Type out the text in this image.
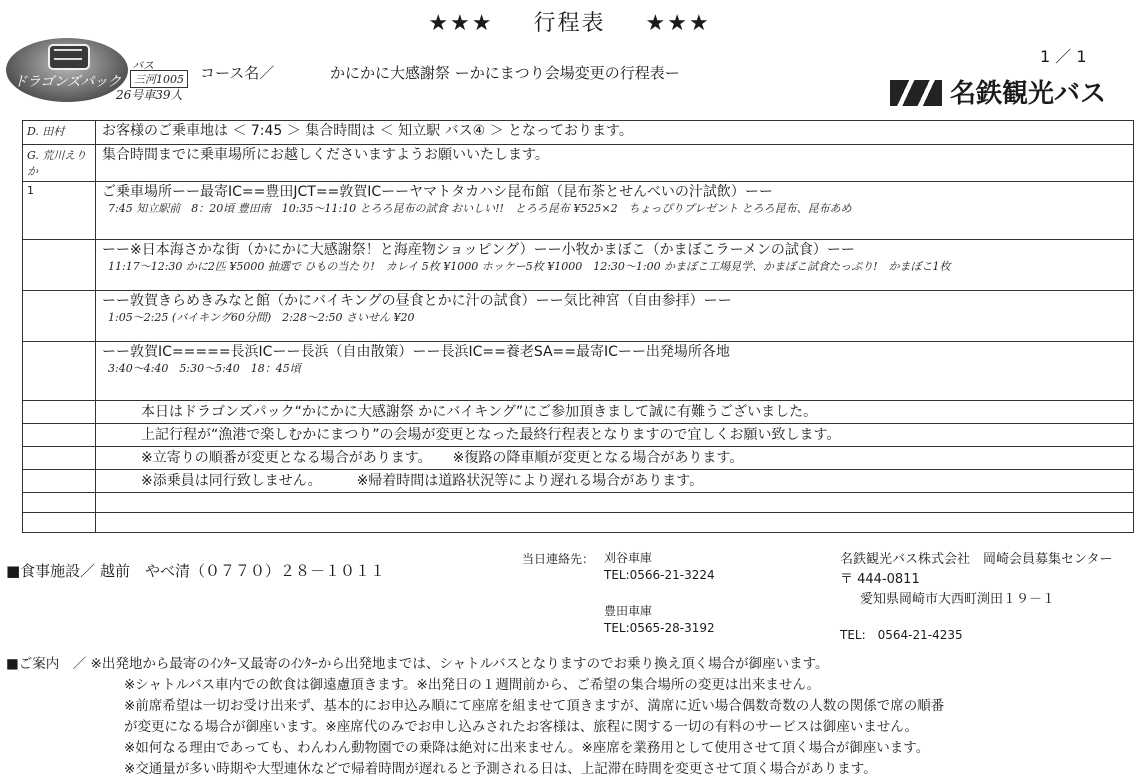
★★★ 行程表 ★★★
1 ／ 1
ドラゴンズパック
バス
三河1005
26号車39人
コース名／	かにかに大感謝祭 ーかにまつり会場変更の行程表ー
名鉄観光バス
D. 田村	お客様のご乗車地は ＜ 7:45 ＞ 集合時間は ＜ 知立駅 バス④ ＞ となっております。
G. 荒川えりか	集合時間までに乗車場所にお越しくださいますようお願いいたします。
1	ご乗車場所ーー最寄IC==豊田JCT==敦賀ICーーヤマトタカハシ昆布館（昆布茶とせんべいの汁試飲）ーー
7:45 知立駅前　8：20頃 豊田南　10:35〜11:10 とろろ昆布の試食 おいしい!!　とろろ昆布 ¥525×2　ちょっぴりプレゼント とろろ昆布、昆布あめ

	ーー※日本海さかな街（かにかに大感謝祭！と海産物ショッピング）ーー小牧かまぼこ（かまぼこラーメンの試食）ーー
11:17〜12:30 かに2匹 ¥5000 抽選で ひもの当たり!　カレイ 5枚 ¥1000 ホッケー5枚 ¥1000　12:30〜1:00 かまぼこ工場見学、かまぼこ試食たっぷり!　かまぼこ1枚

	ーー敦賀きらめきみなと館（かにバイキングの昼食とかに汁の試食）ーー気比神宮（自由参拝）ーー
1:05〜2:25 (バイキング60分間)　2:28〜2:50 さいせん ¥20

	ーー敦賀IC=====長浜ICーー長浜（自由散策）ーー長浜IC==養老SA==最寄ICーー出発場所各地
3:40〜4:40　5:30〜5:40　18：45頃

	本日はドラゴンズパック“かにかに大感謝祭 かにバイキング”にご参加頂きまして誠に有難うございました。
	上記行程が“漁港で楽しむかにまつり”の会場が変更となった最終行程表となりますので宜しくお願い致します。
	※立寄りの順番が変更となる場合があります。　　※復路の降車順が変更となる場合があります。
	※添乗員は同行致しません。　　　※帰着時間は道路状況等により遅れる場合があります。

■食事施設／ 越前　やべ清（０７７０）２８－１０１１
当日連絡先： 刈谷車庫
TEL:0566-21-3224
豊田車庫
TEL:0565-28-3192
名鉄観光バス株式会社　岡崎会員募集センター
〒 444-0811
愛知県岡崎市大西町渕田１９－１
TEL:　0564-21-4235
■ご案内　／ ※出発地から最寄のｲﾝﾀｰ又最寄のｲﾝﾀｰから出発地までは、シャトルバスとなりますのでお乗り換え頂く場合が御座います。
※シャトルバス車内での飲食は御遠慮頂きます。※出発日の１週間前から、ご希望の集合場所の変更は出来ません。
※前席希望は一切お受け出来ず、基本的にお申込み順にて座席を組ませて頂きますが、満席に近い場合偶数奇数の人数の関係で席の順番
が変更になる場合が御座います。※座席代のみでお申し込みされたお客様は、旅程に関する一切の有料のサービスは御座いません。
※如何なる理由であっても、わんわん動物園での乗降は絶対に出来ません。※座席を業務用として使用させて頂く場合が御座います。
※交通量が多い時期や大型連休などで帰着時間が遅れると予測される日は、上記滞在時間を変更させて頂く場合があります。
